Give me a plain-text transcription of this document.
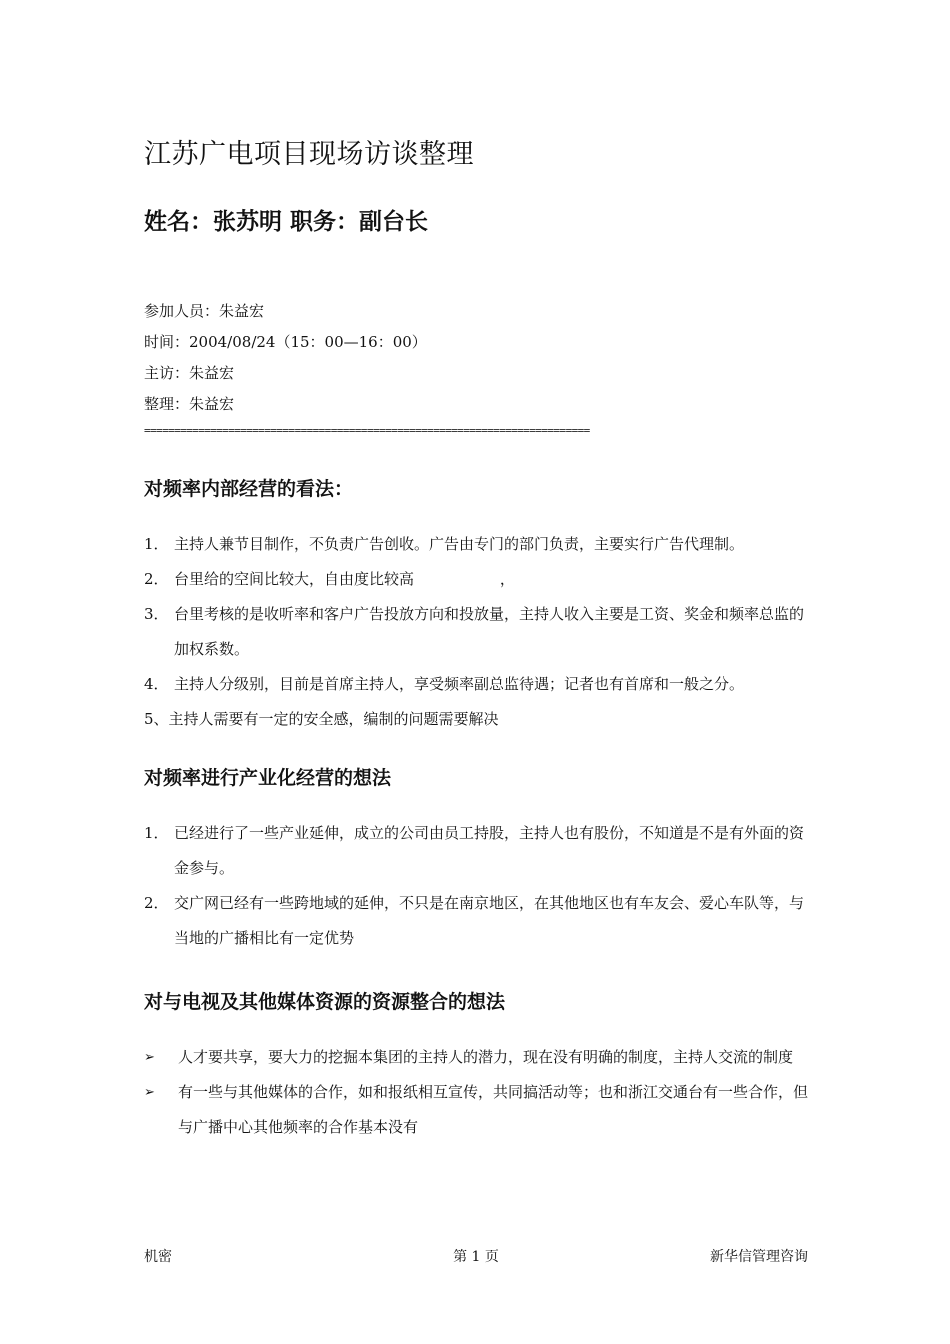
江苏广电项目现场访谈整理
姓名：张苏明 职务：副台长
参加人员：朱益宏
时间：2004/08/24（15：00—16：00）
主访：朱益宏
整理：朱益宏
==========================================================================
对频率内部经营的看法：
1． 主持人兼节目制作，不负责广告创收。广告由专门的部门负责，主要实行广告代理制。
2． 台里给的空间比较大，自由度比较高                  ，
3． 台里考核的是收听率和客户广告投放方向和投放量，主持人收入主要是工资、奖金和频率总监的加权系数。
4． 主持人分级别，目前是首席主持人，享受频率副总监待遇；记者也有首席和一般之分。
5、主持人需要有一定的安全感，编制的问题需要解决
对频率进行产业化经营的想法
1． 已经进行了一些产业延伸，成立的公司由员工持股，主持人也有股份，不知道是不是有外面的资金参与。
2． 交广网已经有一些跨地域的延伸，不只是在南京地区，在其他地区也有车友会、爱心车队等，与当地的广播相比有一定优势
对与电视及其他媒体资源的资源整合的想法
➢ 人才要共享，要大力的挖掘本集团的主持人的潜力，现在没有明确的制度，主持人交流的制度
➢ 有一些与其他媒体的合作，如和报纸相互宣传，共同搞活动等；也和浙江交通台有一些合作，但与广播中心其他频率的合作基本没有
机密	第 1 页	新华信管理咨询
